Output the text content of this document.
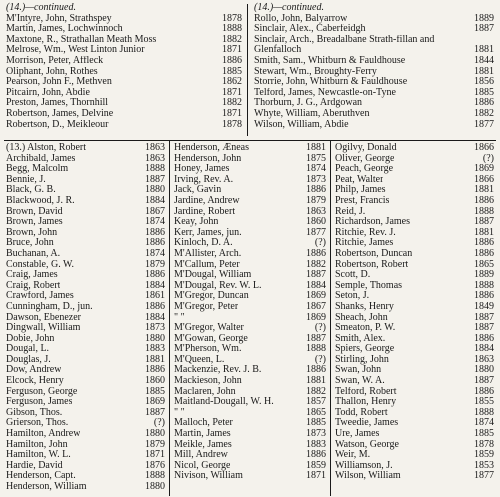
(14.)—continued.
M'Intyre, John, Strathspey	1878
Martin, James, Lochwinnoch	1888
Maxtone, R., Strathallan Meath Moss	1882
Melrose, Wm., West Linton Junior	1871
Morrison, Peter, Affleck	1886
Oliphant, John, Rothes	1885
Pearson, John F., Methven	1862
Pitcairn, John, Abdie	1871
Preston, James, Thornhill	1882
Robertson, James, Delvine	1871
Robertson, D., Meikleour	1878
(14.)—continued.
Rollo, John, Balyarrow	1889
Sinclair, Alex., Caberfeidgh	1887
Sinclair, Arch., Breadalbane Strath-fillan and Glenfalloch	1881
Smith, Sam., Whitburn & Fauldhouse	1844
Stewart, Wm., Broughty-Ferry	1881
Storrie, John, Whitburn & Fauldhouse	1856
Telford, James, Newcastle-on-Tyne	1885
Thorburn, J. G., Ardgowan	1886
Whyte, William, Aberuthven	1882
Wilson, William, Abdie	1877
(13.) Alston, Robert	1863
Archibald, James	1863
Begg, Malcolm	1888
Bennie, J.	1887
Black, G. B.	1880
Blackwood, J. R.	1884
Brown, David	1867
Brown, James	1874
Brown, John	1886
Bruce, John	1886
Buchanan, A.	1874
Constable, G. W.	1879
Craig, James	1886
Craig, Robert	1884
Crawford, James	1861
Cunningham, D., jun.	1886
Dawson, Ebenezer	1884
Dingwall, William	1873
Dobie, John	1880
Dougal, L.	1883
Douglas, J.	1881
Dow, Andrew	1886
Elcock, Henry	1860
Ferguson, George	1885
Ferguson, James	1869
Gibson, Thos.	1887
Grierson, Thos.	(?)
Hamilton, Andrew	1880
Hamilton, John	1879
Hamilton, W. L.	1871
Hardie, David	1876
Henderson, Capt.	1888
Henderson, William	1880
Henderson, Æneas	1881
Henderson, John	1875
Honey, James	1874
Irving, Rev. A.	1873
Jack, Gavin	1886
Jardine, Andrew	1879
Jardine, Robert	1863
Keay, John	1860
Kerr, James, jun.	1877
Kinloch, D. A.	(?)
M'Allister, Arch.	1886
M'Callum, Peter	1882
M'Dougal, William	1887
M'Dougal, Rev. W. L.	1884
M'Gregor, Duncan	1869
M'Gregor, Peter	1867
" "	1869
M'Gregor, Walter	(?)
M'Gowan, George	1887
M'Pherson, Wm.	1888
M'Queen, L.	(?)
Mackenzie, Rev. J. B.	1886
Mackieson, John	1881
Maclaren, John	1882
Maitland-Dougall, W. H.	1857
" "	1865
Malloch, Peter	1885
Martin, James	1873
Meikle, James	1883
Mill, Andrew	1886
Nicol, George	1859
Nivison, William	1871
Ogilvy, Donald	1866
Oliver, George	(?)
Peach, George	1869
Peat, Walter	1866
Philp, James	1881
Prest, Francis	1886
Reid, J.	1888
Richardson, James	1887
Ritchie, Rev. J.	1881
Ritchie, James	1886
Robertson, Duncan	1886
Robertson, Robert	1865
Scott, D.	1889
Semple, Thomas	1888
Seton, J.	1886
Shanks, Henry	1849
Sheach, John	1887
Smeaton, P. W.	1887
Smith, Alex.	1886
Spiers, George	1884
Stirling, John	1863
Swan, John	1880
Swan, W. A.	1887
Telford, Robert	1886
Thallon, Henry	1855
Todd, Robert	1888
Tweedie, James	1874
Ure, James	1885
Watson, George	1878
Weir, M.	1859
Williamson, J.	1853
Wilson, William	1877
